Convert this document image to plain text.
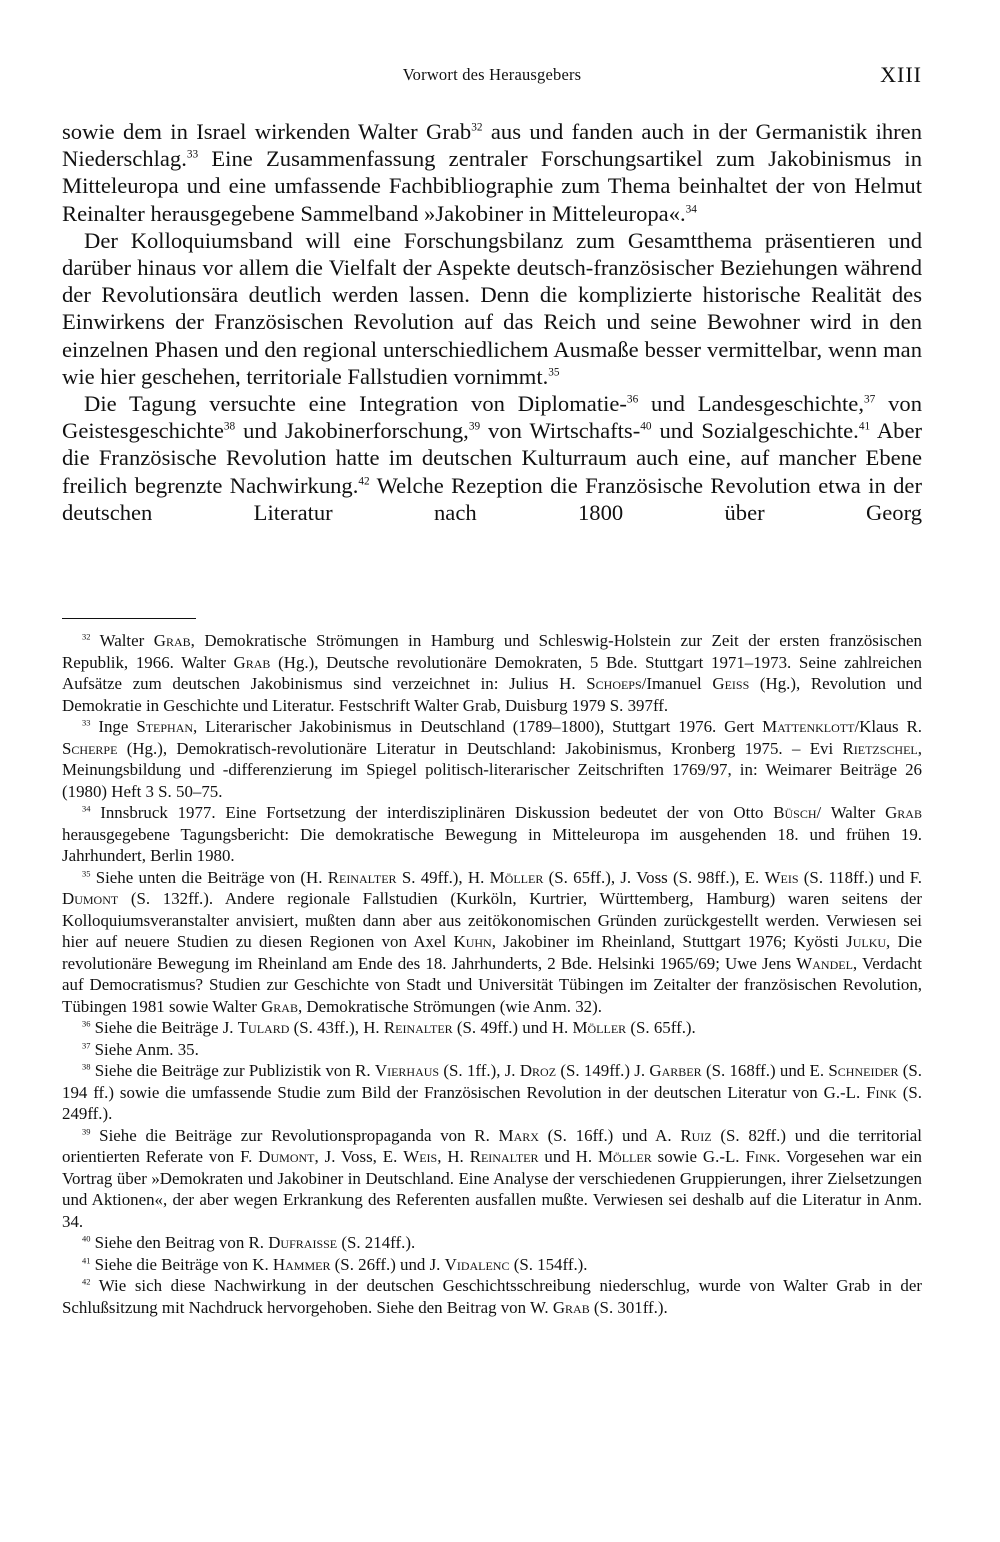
Vorwort des Herausgebers	XIII

sowie dem in Israel wirkenden Walter Grab$^{32}$ aus und fanden auch in der Germanistik ihren Niederschlag.$^{33}$ Eine Zusammenfassung zentraler Forschungsartikel zum Jakobinismus in Mitteleuropa und eine umfassende Fachbibliographie zum Thema beinhaltet der von Helmut Reinalter herausgegebene Sammelband »Jakobiner in Mitteleuropa«.$^{34}$

Der Kolloquiumsband will eine Forschungsbilanz zum Gesamtthema präsentieren und darüber hinaus vor allem die Vielfalt der Aspekte deutsch-französischer Beziehungen während der Revolutionsära deutlich werden lassen. Denn die komplizierte historische Realität des Einwirkens der Französischen Revolution auf das Reich und seine Bewohner wird in den einzelnen Phasen und den regional unterschiedlichem Ausmaße besser vermittelbar, wenn man wie hier geschehen, territoriale Fallstudien vornimmt.$^{35}$

Die Tagung versuchte eine Integration von Diplomatie-$^{36}$ und Landesgeschichte,$^{37}$ von Geistesgeschichte$^{38}$ und Jakobinerforschung,$^{39}$ von Wirtschafts-$^{40}$ und Sozialgeschichte.$^{41}$ Aber die Französische Revolution hatte im deutschen Kulturraum auch eine, auf mancher Ebene freilich begrenzte Nachwirkung.$^{42}$ Welche Rezeption die Französische Revolution etwa in der deutschen Literatur nach 1800 über Georg

$^{32}$ Walter Grab, Demokratische Strömungen in Hamburg und Schleswig-Holstein zur Zeit der ersten französischen Republik, 1966. Walter Grab (Hg.), Deutsche revolutionäre Demokraten, 5 Bde. Stuttgart 1971–1973. Seine zahlreichen Aufsätze zum deutschen Jakobinismus sind verzeichnet in: Julius H. Schoeps/Imanuel Geiss (Hg.), Revolution und Demokratie in Geschichte und Literatur. Festschrift Walter Grab, Duisburg 1979 S. 397ff.

$^{33}$ Inge Stephan, Literarischer Jakobinismus in Deutschland (1789–1800), Stuttgart 1976. Gert Mattenklott/Klaus R. Scherpe (Hg.), Demokratisch-revolutionäre Literatur in Deutschland: Jakobinismus, Kronberg 1975. – Evi Rietzschel, Meinungsbildung und -differenzierung im Spiegel politisch-literarischer Zeitschriften 1769/97, in: Weimarer Beiträge 26 (1980) Heft 3 S. 50–75.

$^{34}$ Innsbruck 1977. Eine Fortsetzung der interdisziplinären Diskussion bedeutet der von Otto Büsch/ Walter Grab herausgegebene Tagungsbericht: Die demokratische Bewegung in Mitteleuropa im ausgehenden 18. und frühen 19. Jahrhundert, Berlin 1980.

$^{35}$ Siehe unten die Beiträge von (H. Reinalter S. 49ff.), H. Möller (S. 65ff.), J. Voss (S. 98ff.), E. Weis (S. 118ff.) und F. Dumont (S. 132ff.). Andere regionale Fallstudien (Kurköln, Kurtrier, Württemberg, Hamburg) waren seitens der Kolloquiumsveranstalter anvisiert, mußten dann aber aus zeitökonomischen Gründen zurückgestellt werden. Verwiesen sei hier auf neuere Studien zu diesen Regionen von Axel Kuhn, Jakobiner im Rheinland, Stuttgart 1976; Kyösti Julku, Die revolutionäre Bewegung im Rheinland am Ende des 18. Jahrhunderts, 2 Bde. Helsinki 1965/69; Uwe Jens Wandel, Verdacht auf Democratismus? Studien zur Geschichte von Stadt und Universität Tübingen im Zeitalter der französischen Revolution, Tübingen 1981 sowie Walter Grab, Demokratische Strömungen (wie Anm. 32).

$^{36}$ Siehe die Beiträge J. Tulard (S. 43ff.), H. Reinalter (S. 49ff.) und H. Möller (S. 65ff.).

$^{37}$ Siehe Anm. 35.

$^{38}$ Siehe die Beiträge zur Publizistik von R. Vierhaus (S. 1ff.), J. Droz (S. 149ff.) J. Garber (S. 168ff.) und E. Schneider (S. 194 ff.) sowie die umfassende Studie zum Bild der Französischen Revolution in der deutschen Literatur von G.-L. Fink (S. 249ff.).

$^{39}$ Siehe die Beiträge zur Revolutionspropaganda von R. Marx (S. 16ff.) und A. Ruiz (S. 82ff.) und die territorial orientierten Referate von F. Dumont, J. Voss, E. Weis, H. Reinalter und H. Möller sowie G.-L. Fink. Vorgesehen war ein Vortrag über »Demokraten und Jakobiner in Deutschland. Eine Analyse der verschiedenen Gruppierungen, ihrer Zielsetzungen und Aktionen«, der aber wegen Erkrankung des Referenten ausfallen mußte. Verwiesen sei deshalb auf die Literatur in Anm. 34.

$^{40}$ Siehe den Beitrag von R. Dufraisse (S. 214ff.).

$^{41}$ Siehe die Beiträge von K. Hammer (S. 26ff.) und J. Vidalenc (S. 154ff.).

$^{42}$ Wie sich diese Nachwirkung in der deutschen Geschichtsschreibung niederschlug, wurde von Walter Grab in der Schlußsitzung mit Nachdruck hervorgehoben. Siehe den Beitrag von W. Grab (S. 301ff.).
